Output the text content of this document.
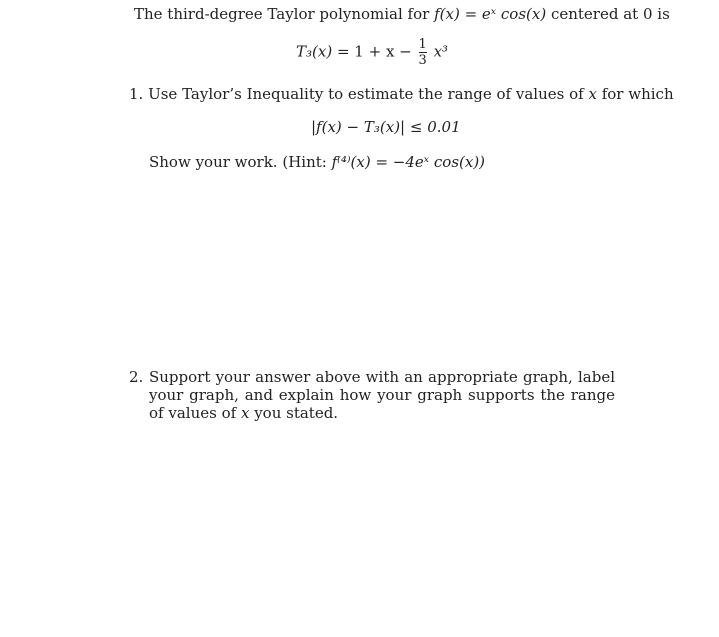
The third-degree Taylor polynomial for f(x) = eˣ cos(x) centered at 0 is
$T_3(x) = 1 + x - \frac{1}{3} x^3$
1. Use Taylor’s Inequality to estimate the range of values of x for which
|f(x) − T₃(x)| ≤ 0.01
Show your work. (Hint: f⁽⁴⁾(x) = −4eˣ cos(x))
2. Support your answer above with an appropriate graph, label your graph, and explain how your graph supports the range of values of x you stated.
